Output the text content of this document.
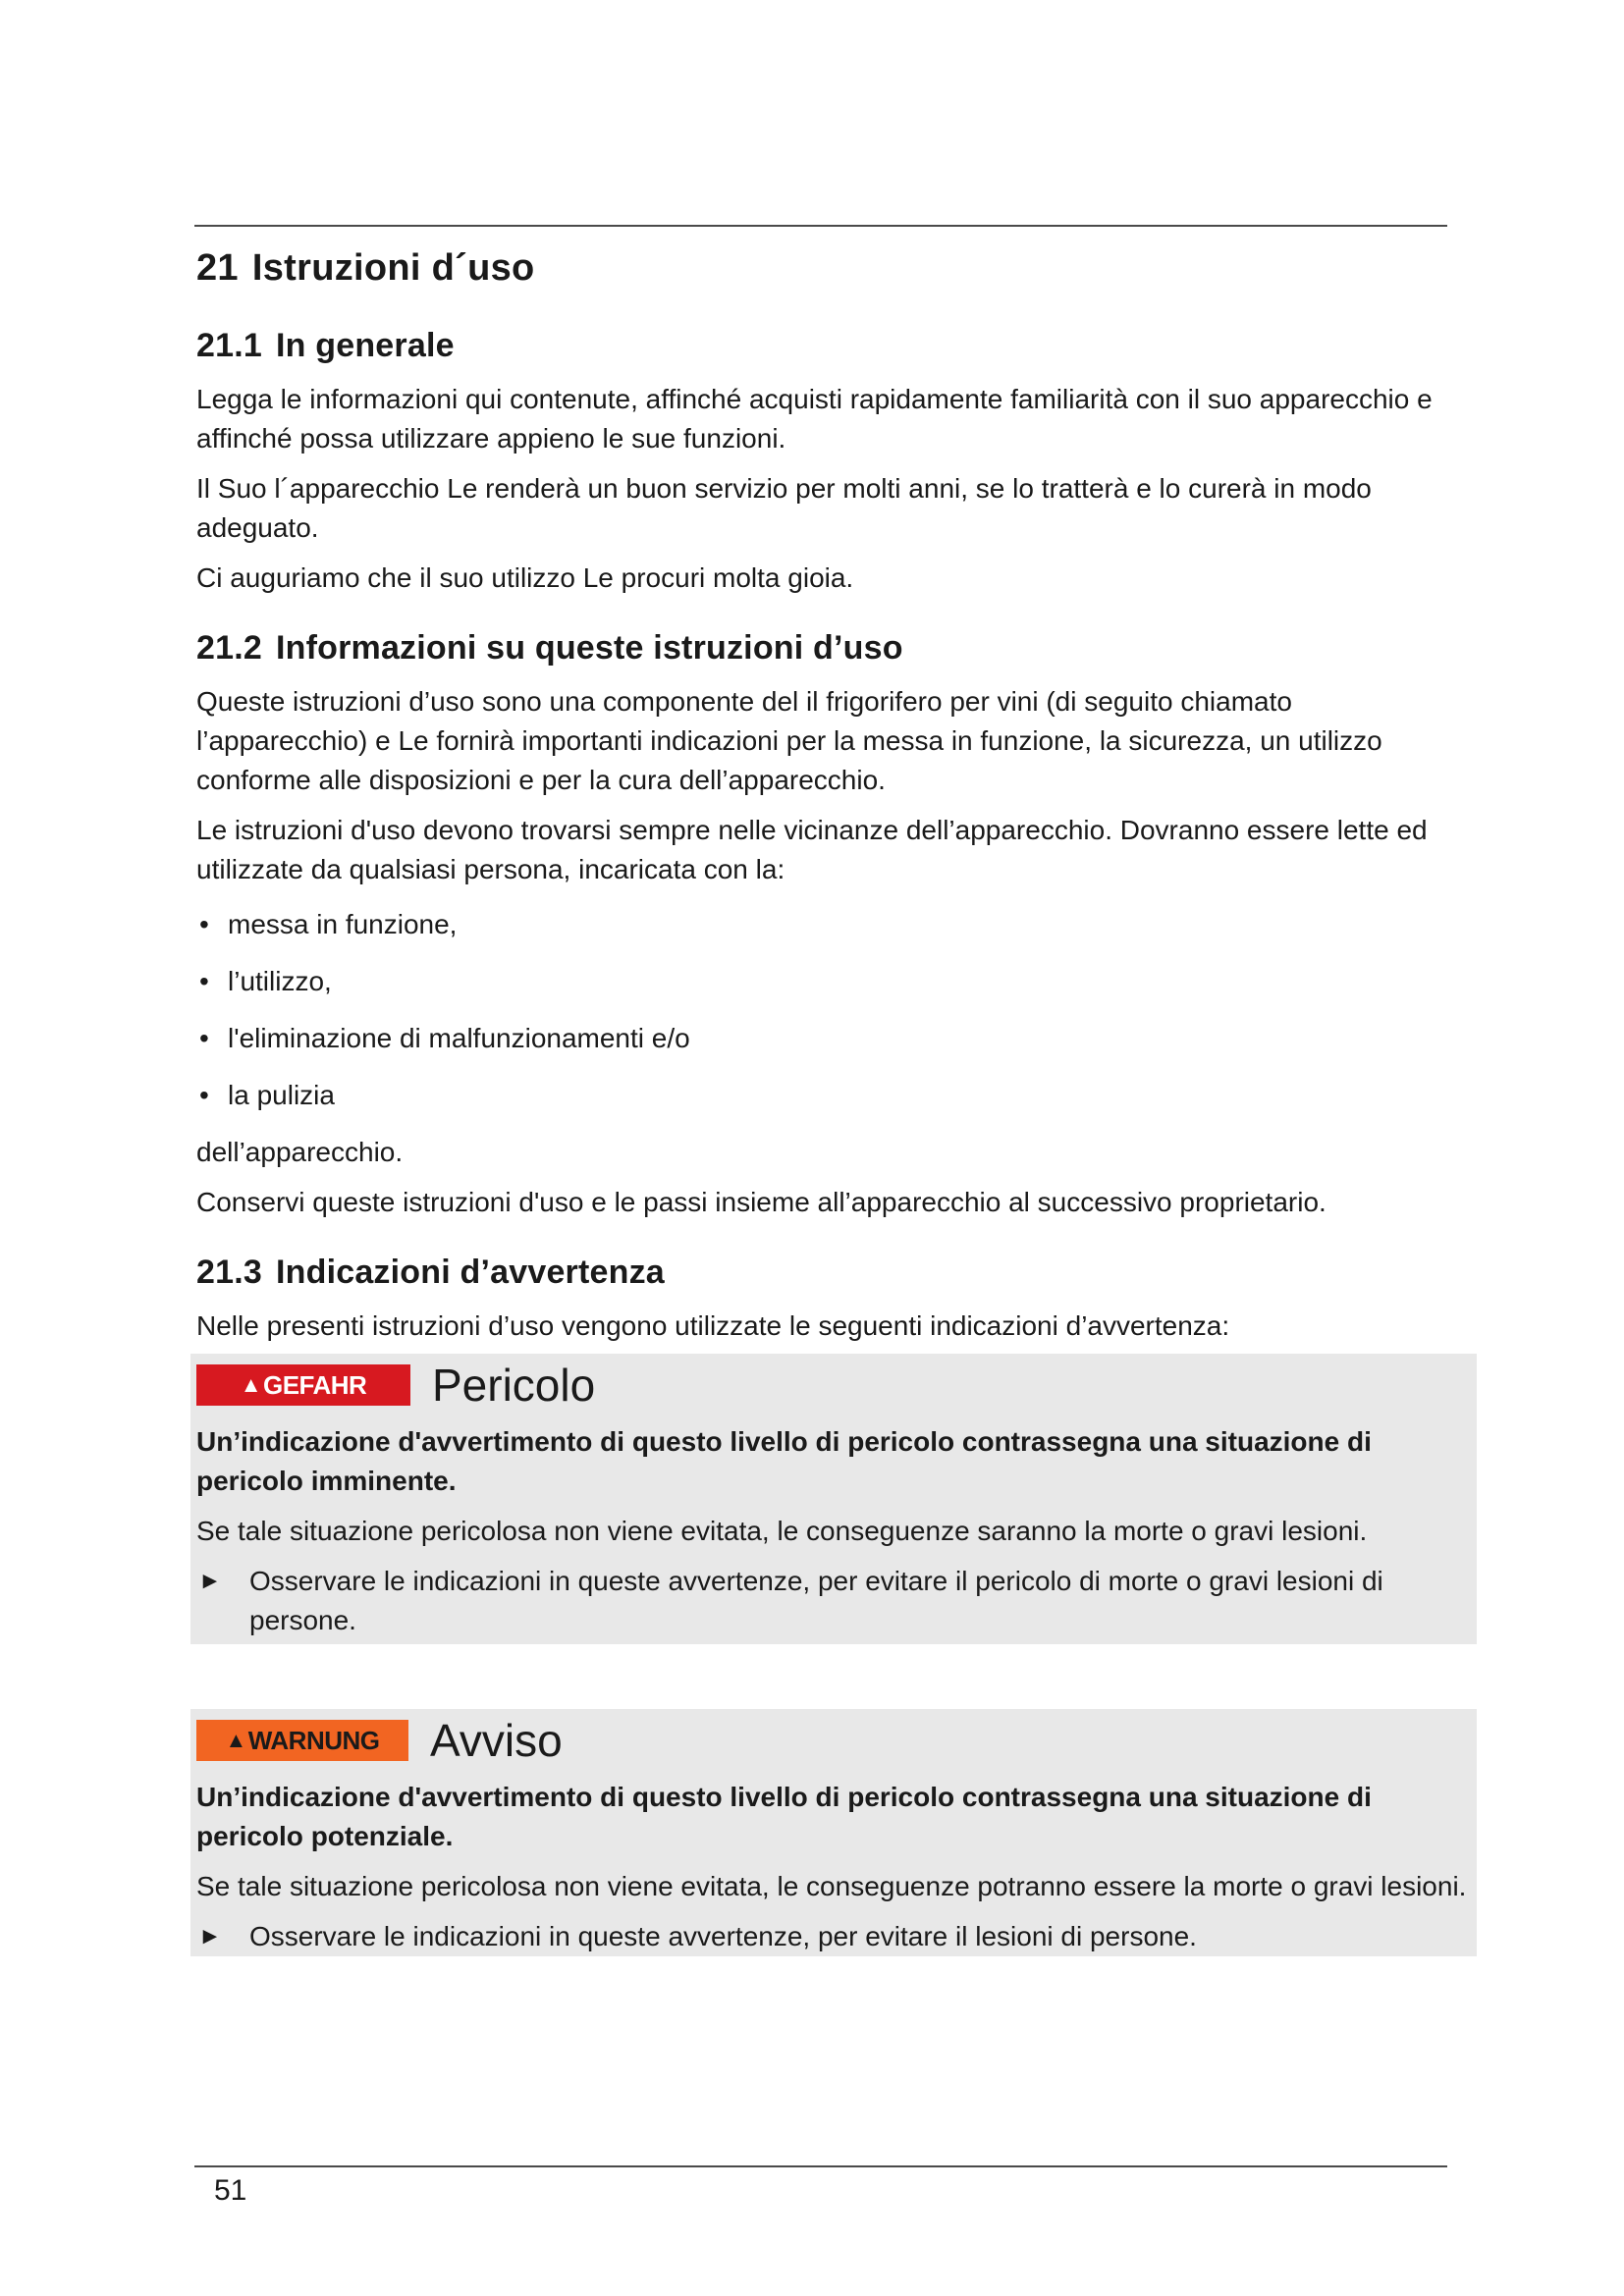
21 Istruzioni d´uso
21.1 In generale

Legga le informazioni qui contenute, affinché acquisti rapidamente familiarità con il suo apparecchio e affinché possa utilizzare appieno le sue funzioni.

Il Suo l´apparecchio Le renderà un buon servizio per molti anni, se lo tratterà e lo curerà in modo adeguato.

Ci auguriamo che il suo utilizzo Le procuri molta gioia.

21.2 Informazioni su queste istruzioni d’uso

Queste istruzioni d’uso sono una componente del il frigorifero per vini (di seguito chiamato l’apparecchio) e Le fornirà importanti indicazioni per la messa in funzione, la sicurezza, un utilizzo conforme alle disposizioni e per la cura dell’apparecchio.

Le istruzioni d'uso devono trovarsi sempre nelle vicinanze dell’apparecchio. Dovranno essere lette ed utilizzate da qualsiasi persona, incaricata con la:

• messa in funzione,
• l’utilizzo,
• l'eliminazione di malfunzionamenti e/o
• la pulizia

dell’apparecchio.

Conservi queste istruzioni d'uso e le passi insieme all’apparecchio al successivo proprietario.

21.3 Indicazioni d’avvertenza

Nelle presenti istruzioni d’uso vengono utilizzate le seguenti indicazioni d’avvertenza:

▲ GEFAHR Pericolo

Un’indicazione d'avvertimento di questo livello di pericolo contrassegna una situazione di pericolo imminente.

Se tale situazione pericolosa non viene evitata, le conseguenze saranno la morte o gravi lesioni.

► Osservare le indicazioni in queste avvertenze, per evitare il pericolo di morte o gravi lesioni di persone.
▲ WARNUNG Avviso

Un’indicazione d'avvertimento di questo livello di pericolo contrassegna una situazione di pericolo potenziale.

Se tale situazione pericolosa non viene evitata, le conseguenze potranno essere la morte o gravi lesioni.

► Osservare le indicazioni in queste avvertenze, per evitare il lesioni di persone.
51
